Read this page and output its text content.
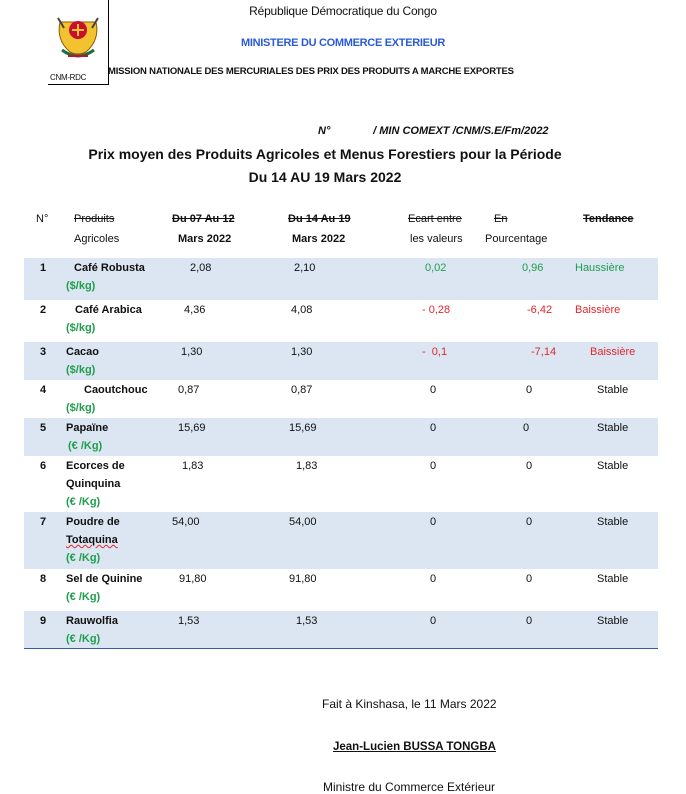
CNM-RDC
République Démocratique du Congo
MINISTERE DU COMMERCE EXTERIEUR
MISSION NATIONALE DES MERCURIALES DES PRIX DES PRODUITS A MARCHE EXPORTES
N°              / MIN COMEXT /CNM/S.E/Fm/2022
Prix moyen des Produits Agricoles et Menus Forestiers pour la Période
Du 14 AU 19 Mars 2022
N° Produits
Agricoles
Du 07 Au 12
Mars 2022
Du 14 Au 19
Mars 2022
Ecart entre
les valeurs
En
Pourcentage
Tendance
1	Café Robusta
($/kg)
2,08	2,10	0,02	0,96	Haussière
2	Café Arabica
($/kg)
4,36	4,08	- 0,28	-6,42 Baissière
3 Cacao
($/kg)
1,30	1,30	-  0,1	-7,14	Baissière
4	Caoutchouc
($/kg)
0,87	0,87	0	0	Stable
5 Papaïne
(€ /Kg)
15,69	15,69	0	0	Stable
6 Ecorces de
Quinquina
(€ /Kg)
1,83	1,83	0	0	Stable
7 Poudre de
Totaquina
(€ /Kg)
54,00	54,00	0	0	Stable
8 Sel de Quinine
(€ /Kg)
91,80	91,80	0	0	Stable
9 Rauwolfia
(€ /Kg)
1,53	1,53	0	0	Stable
Fait à Kinshasa, le 11 Mars 2022
Jean-Lucien BUSSA TONGBA
Ministre du Commerce Extérieur
